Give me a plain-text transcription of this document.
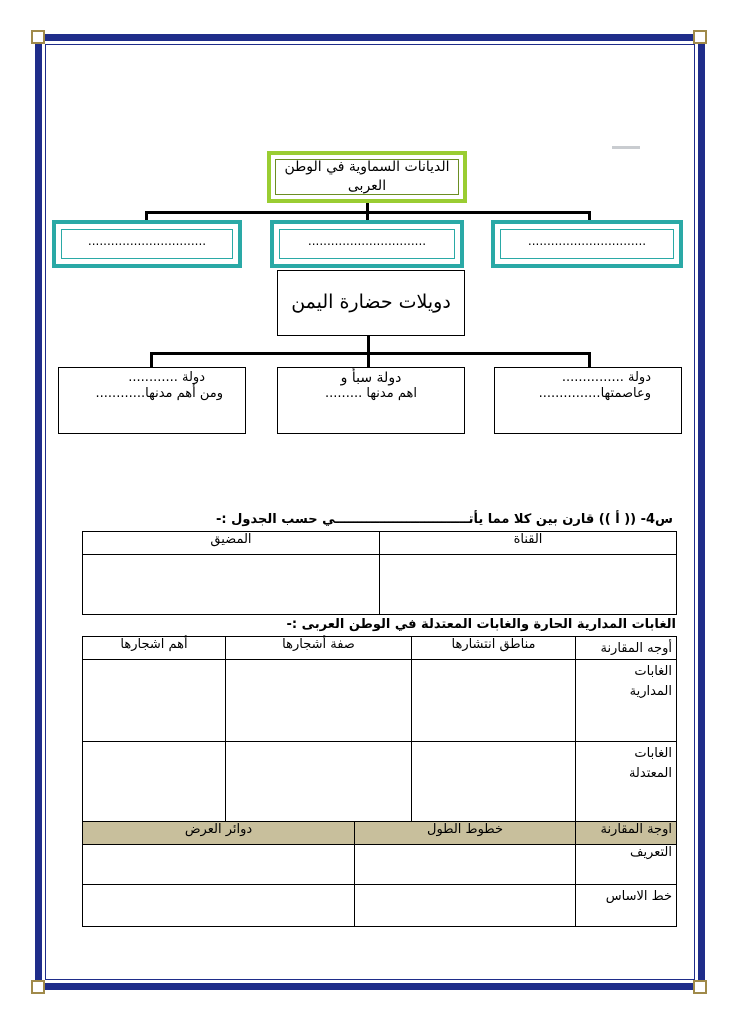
الديانات السماوية في الوطن العربى
...............................	...............................	...............................
دويلات حضارة اليمن
دولة ............
ومن أهم مدنها............
دولة سبأ و
اهم مدنها .........
دولة ...............
وعاصمتها...............
س4- (( أ )) قارن بين كلا مما يأتــــــــــــــــــــــــــــــي حسب الجدول :-
القناة	المضيق

الغابات المدارية الحارة والغابات المعتدلة في الوطن العربى :-
أوجه المقارنة	مناطق انتشارها	صفة أشجارها	أهم اشجارها

الغابات
المدارية			

الغابات
المعتدلة			

اوجة المقارنة	خطوط الطول	دوائر العرض
التعريف		
خط الاساس		
